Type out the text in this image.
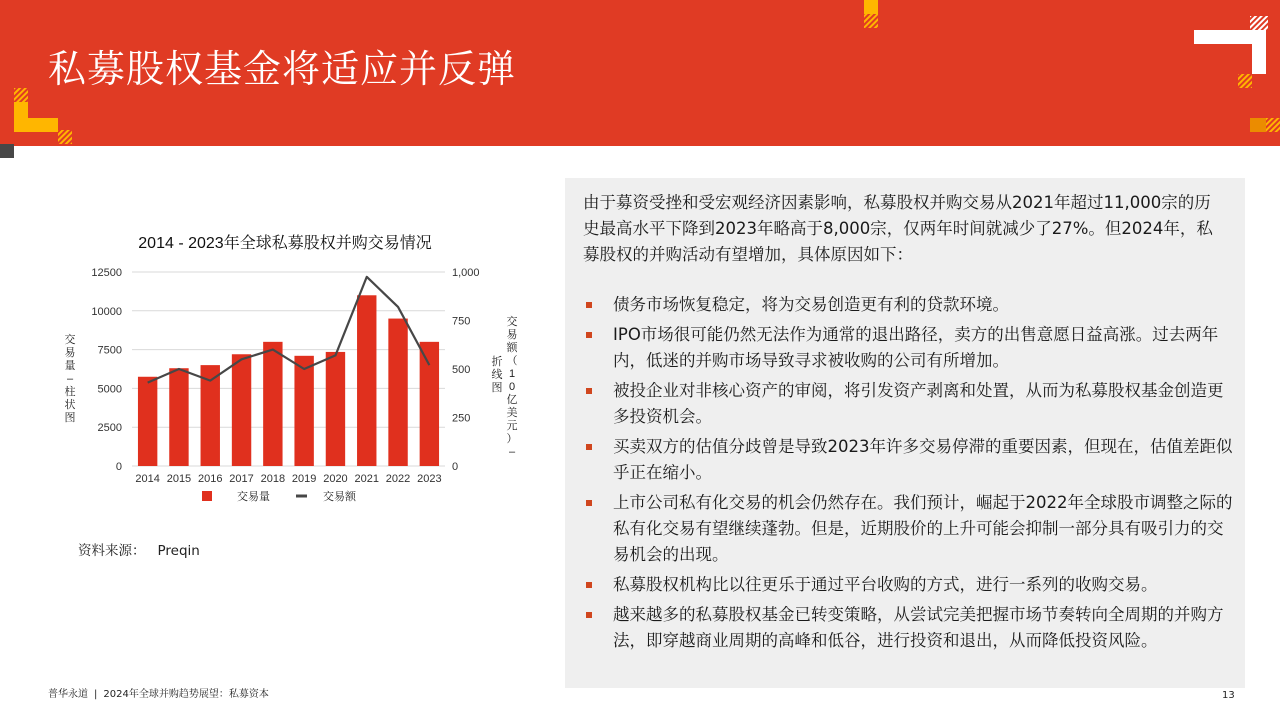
私募股权基金将适应并反弹
2014 - 2023年全球私募股权并购交易情况
0
2500
5000
7500
10000
12500
0
250
500
750
1,000
2014 2015 2016 2017 2018 2019 2020 2021 2022 2023
交易量–柱状图
交易额（ 1 0 亿美元）–折线图
交易量	交易额
资料来源： Preqin
由于募资受挫和受宏观经济因素影响，私募股权并购交易从2021年超过11,000宗的历史最高水平下降到2023年略高于8,000宗，仅两年时间就减少了27%。但2024年，私募股权的并购活动有望增加，具体原因如下：
债务市场恢复稳定，将为交易创造更有利的贷款环境。
IPO市场很可能仍然无法作为通常的退出路径，卖方的出售意愿日益高涨。过去两年内，低迷的并购市场导致寻求被收购的公司有所增加。
被投企业对非核心资产的审阅，将引发资产剥离和处置，从而为私募股权基金创造更多投资机会。
买卖双方的估值分歧曾是导致2023年许多交易停滞的重要因素，但现在，估值差距似乎正在缩小。
上市公司私有化交易的机会仍然存在。我们预计，崛起于2022年全球股市调整之际的私有化交易有望继续蓬勃。但是，近期股价的上升可能会抑制一部分具有吸引力的交易机会的出现。
私募股权机构比以往更乐于通过平台收购的方式，进行一系列的收购交易。
越来越多的私募股权基金已转变策略，从尝试完美把握市场节奏转向全周期的并购方法，即穿越商业周期的高峰和低谷，进行投资和退出，从而降低投资风险。
普华永道 | 2024年全球并购趋势展望：私募资本	13
